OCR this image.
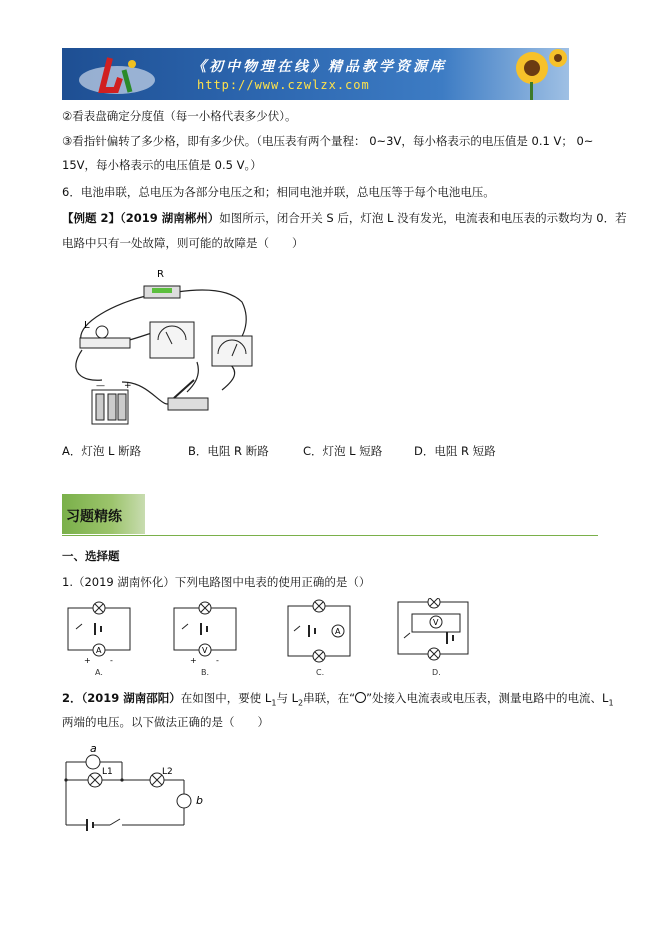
《初中物理在线》精品教学资源库
http://www.czwlzx.com
②看表盘确定分度值（每一小格代表多少伏）。
③看指针偏转了多少格，即有多少伏。（电压表有两个量程： 0~3V，每小格表示的电压值是 0.1 V； 0~
15V，每小格表示的电压值是 0.5 V。）
6．电池串联，总电压为各部分电压之和；相同电池并联，总电压等于每个电池电压。
【例题 2】（2019 湖南郴州）如图所示，闭合开关 S 后，灯泡 L 没有发光，电流表和电压表的示数均为 0．若
电路中只有一处故障，则可能的故障是（　　）
R
L
— +
A．灯泡 L 断路	B．电阻 R 断路	C．灯泡 L 短路	D．电阻 R 短路
习题精练
一、选择题
1.（2019 湖南怀化）下列电路图中电表的使用正确的是（）
A
+ -
V
+ -
A
V
A.	B.	C.	D.
2．（2019 湖南邵阳）在如图中，要使 $L_1$与 $L_2$串联，在“ ”处接入电流表或电压表，测量电路中的电流、$L_1$
两端的电压。以下做法正确的是（　　）
a
L1	L2
b
